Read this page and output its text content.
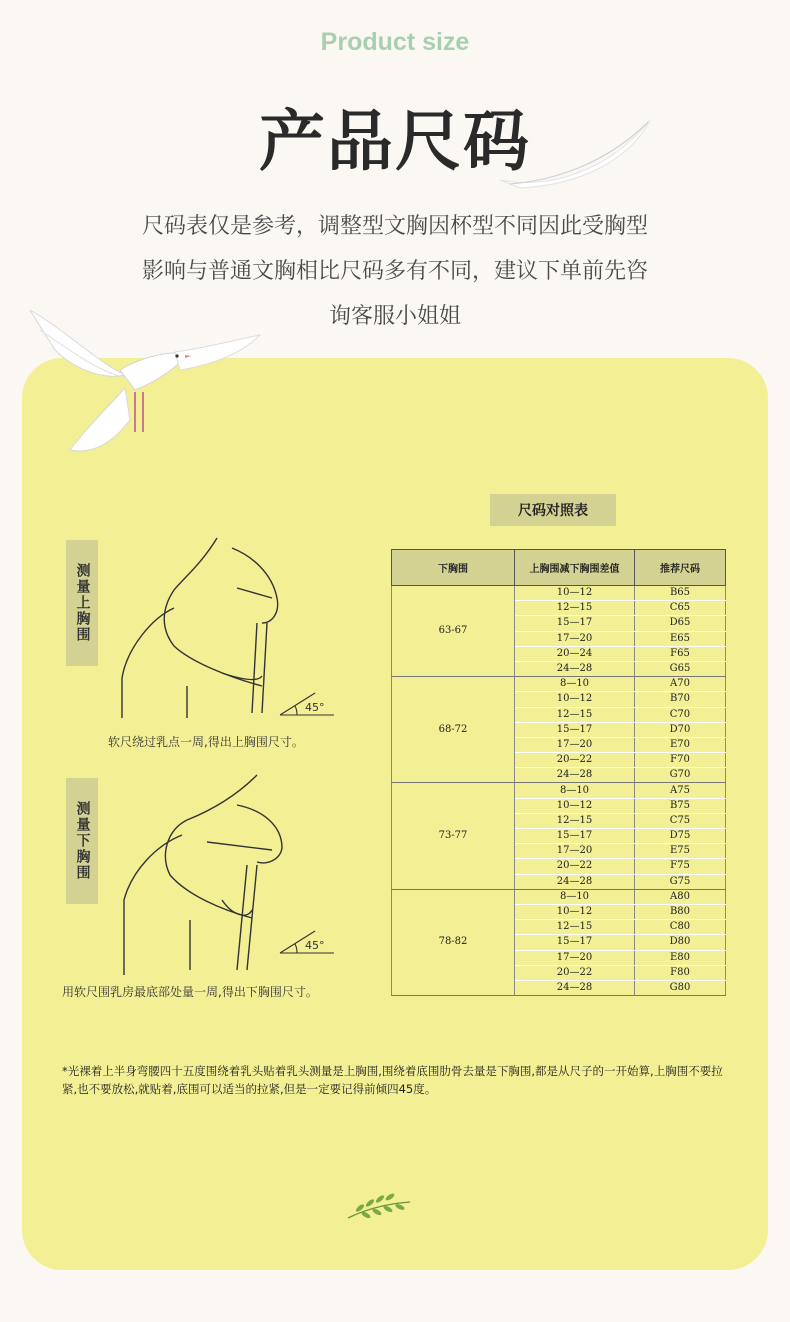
Product size
产品尺码
尺码表仅是参考，调整型文胸因杯型不同因此受胸型
影响与普通文胸相比尺码多有不同，建议下单前先咨
询客服小姐姐
测量上胸围
测量下胸围
45°
软尺绕过乳点一周,得出上胸围尺寸。
45°
用软尺围乳房最底部处量一周,得出下胸围尺寸。
尺码对照表
下胸围	上胸围减下胸围差值	推荐尺码
63-67	10—12	B65
	12—15	C65
	15—17	D65
	17—20	E65
	20—24	F65
	24—28	G65
68-72	8—10	A70
	10—12	B70
	12—15	C70
	15—17	D70
	17—20	E70
	20—22	F70
	24—28	G70
73-77	8—10	A75
	10—12	B75
	12—15	C75
	15—17	D75
	17—20	E75
	20—22	F75
	24—28	G75
78-82	8—10	A80
	10—12	B80
	12—15	C80
	15—17	D80
	17—20	E80
	20—22	F80
	24—28	G80
*光裸着上半身弯腰四十五度围绕着乳头贴着乳头测量是上胸围,围绕着底围肋骨去量是下胸围,都是从尺子的一开始算,上胸围不要拉紧,也不要放松,就贴着,底围可以适当的拉紧,但是一定要记得前倾四45度。
